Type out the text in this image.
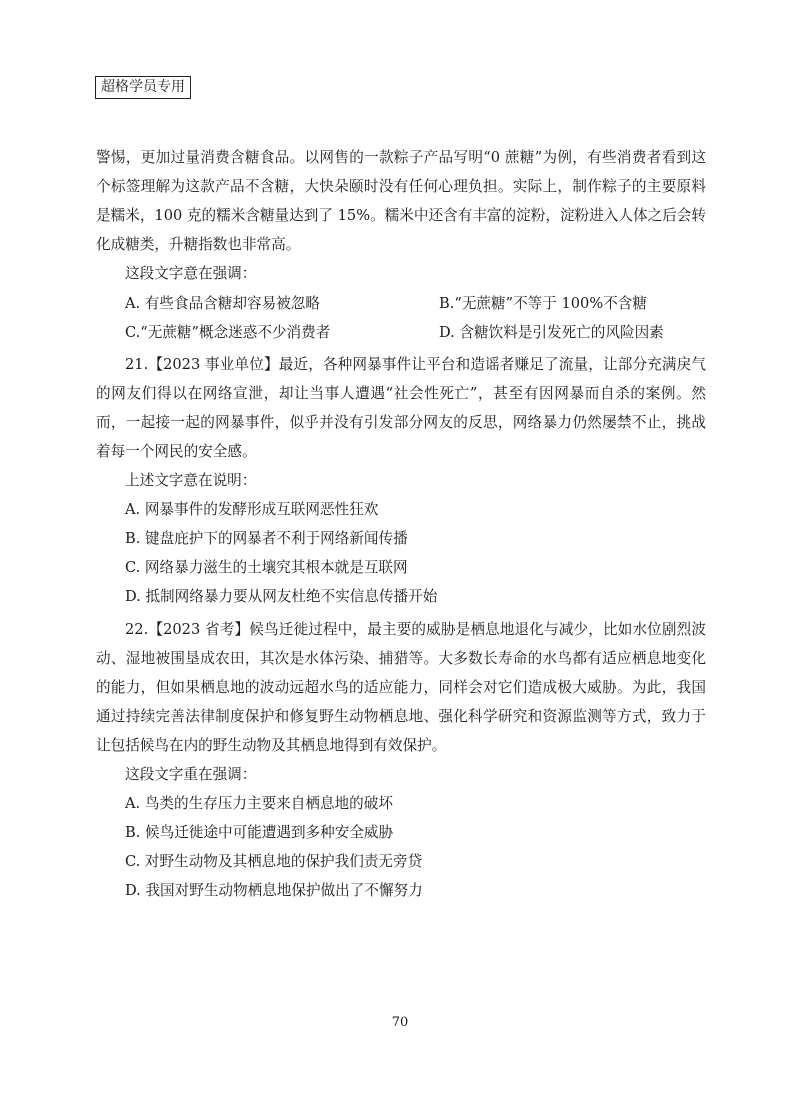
超格学员专用

警惕，更加过量消费含糖食品。以网售的一款粽子产品写明“0 蔗糖”为例，有些消费者看到这个标签理解为这款产品不含糖，大快朵颐时没有任何心理负担。实际上，制作粽子的主要原料是糯米，100 克的糯米含糖量达到了 15%。糯米中还含有丰富的淀粉，淀粉进入人体之后会转化成糖类，升糖指数也非常高。

这段文字意在强调：

A. 有些食品含糖却容易被忽略	B.“无蔗糖”不等于 100%不含糖
C.“无蔗糖”概念迷惑不少消费者	D. 含糖饮料是引发死亡的风险因素

21.【2023 事业单位】最近，各种网暴事件让平台和造谣者赚足了流量，让部分充满戾气的网友们得以在网络宣泄，却让当事人遭遇“社会性死亡”，甚至有因网暴而自杀的案例。然而，一起接一起的网暴事件，似乎并没有引发部分网友的反思，网络暴力仍然屡禁不止，挑战着每一个网民的安全感。

上述文字意在说明：

A. 网暴事件的发酵形成互联网恶性狂欢

B. 键盘庇护下的网暴者不利于网络新闻传播

C. 网络暴力滋生的土壤究其根本就是互联网

D. 抵制网络暴力要从网友杜绝不实信息传播开始

22.【2023 省考】候鸟迁徙过程中，最主要的威胁是栖息地退化与减少，比如水位剧烈波动、湿地被围垦成农田，其次是水体污染、捕猎等。大多数长寿命的水鸟都有适应栖息地变化的能力，但如果栖息地的波动远超水鸟的适应能力，同样会对它们造成极大威胁。为此，我国通过持续完善法律制度保护和修复野生动物栖息地、强化科学研究和资源监测等方式，致力于让包括候鸟在内的野生动物及其栖息地得到有效保护。

这段文字重在强调：

A. 鸟类的生存压力主要来自栖息地的破坏

B. 候鸟迁徙途中可能遭遇到多种安全威胁

C. 对野生动物及其栖息地的保护我们责无旁贷

D. 我国对野生动物栖息地保护做出了不懈努力

70
